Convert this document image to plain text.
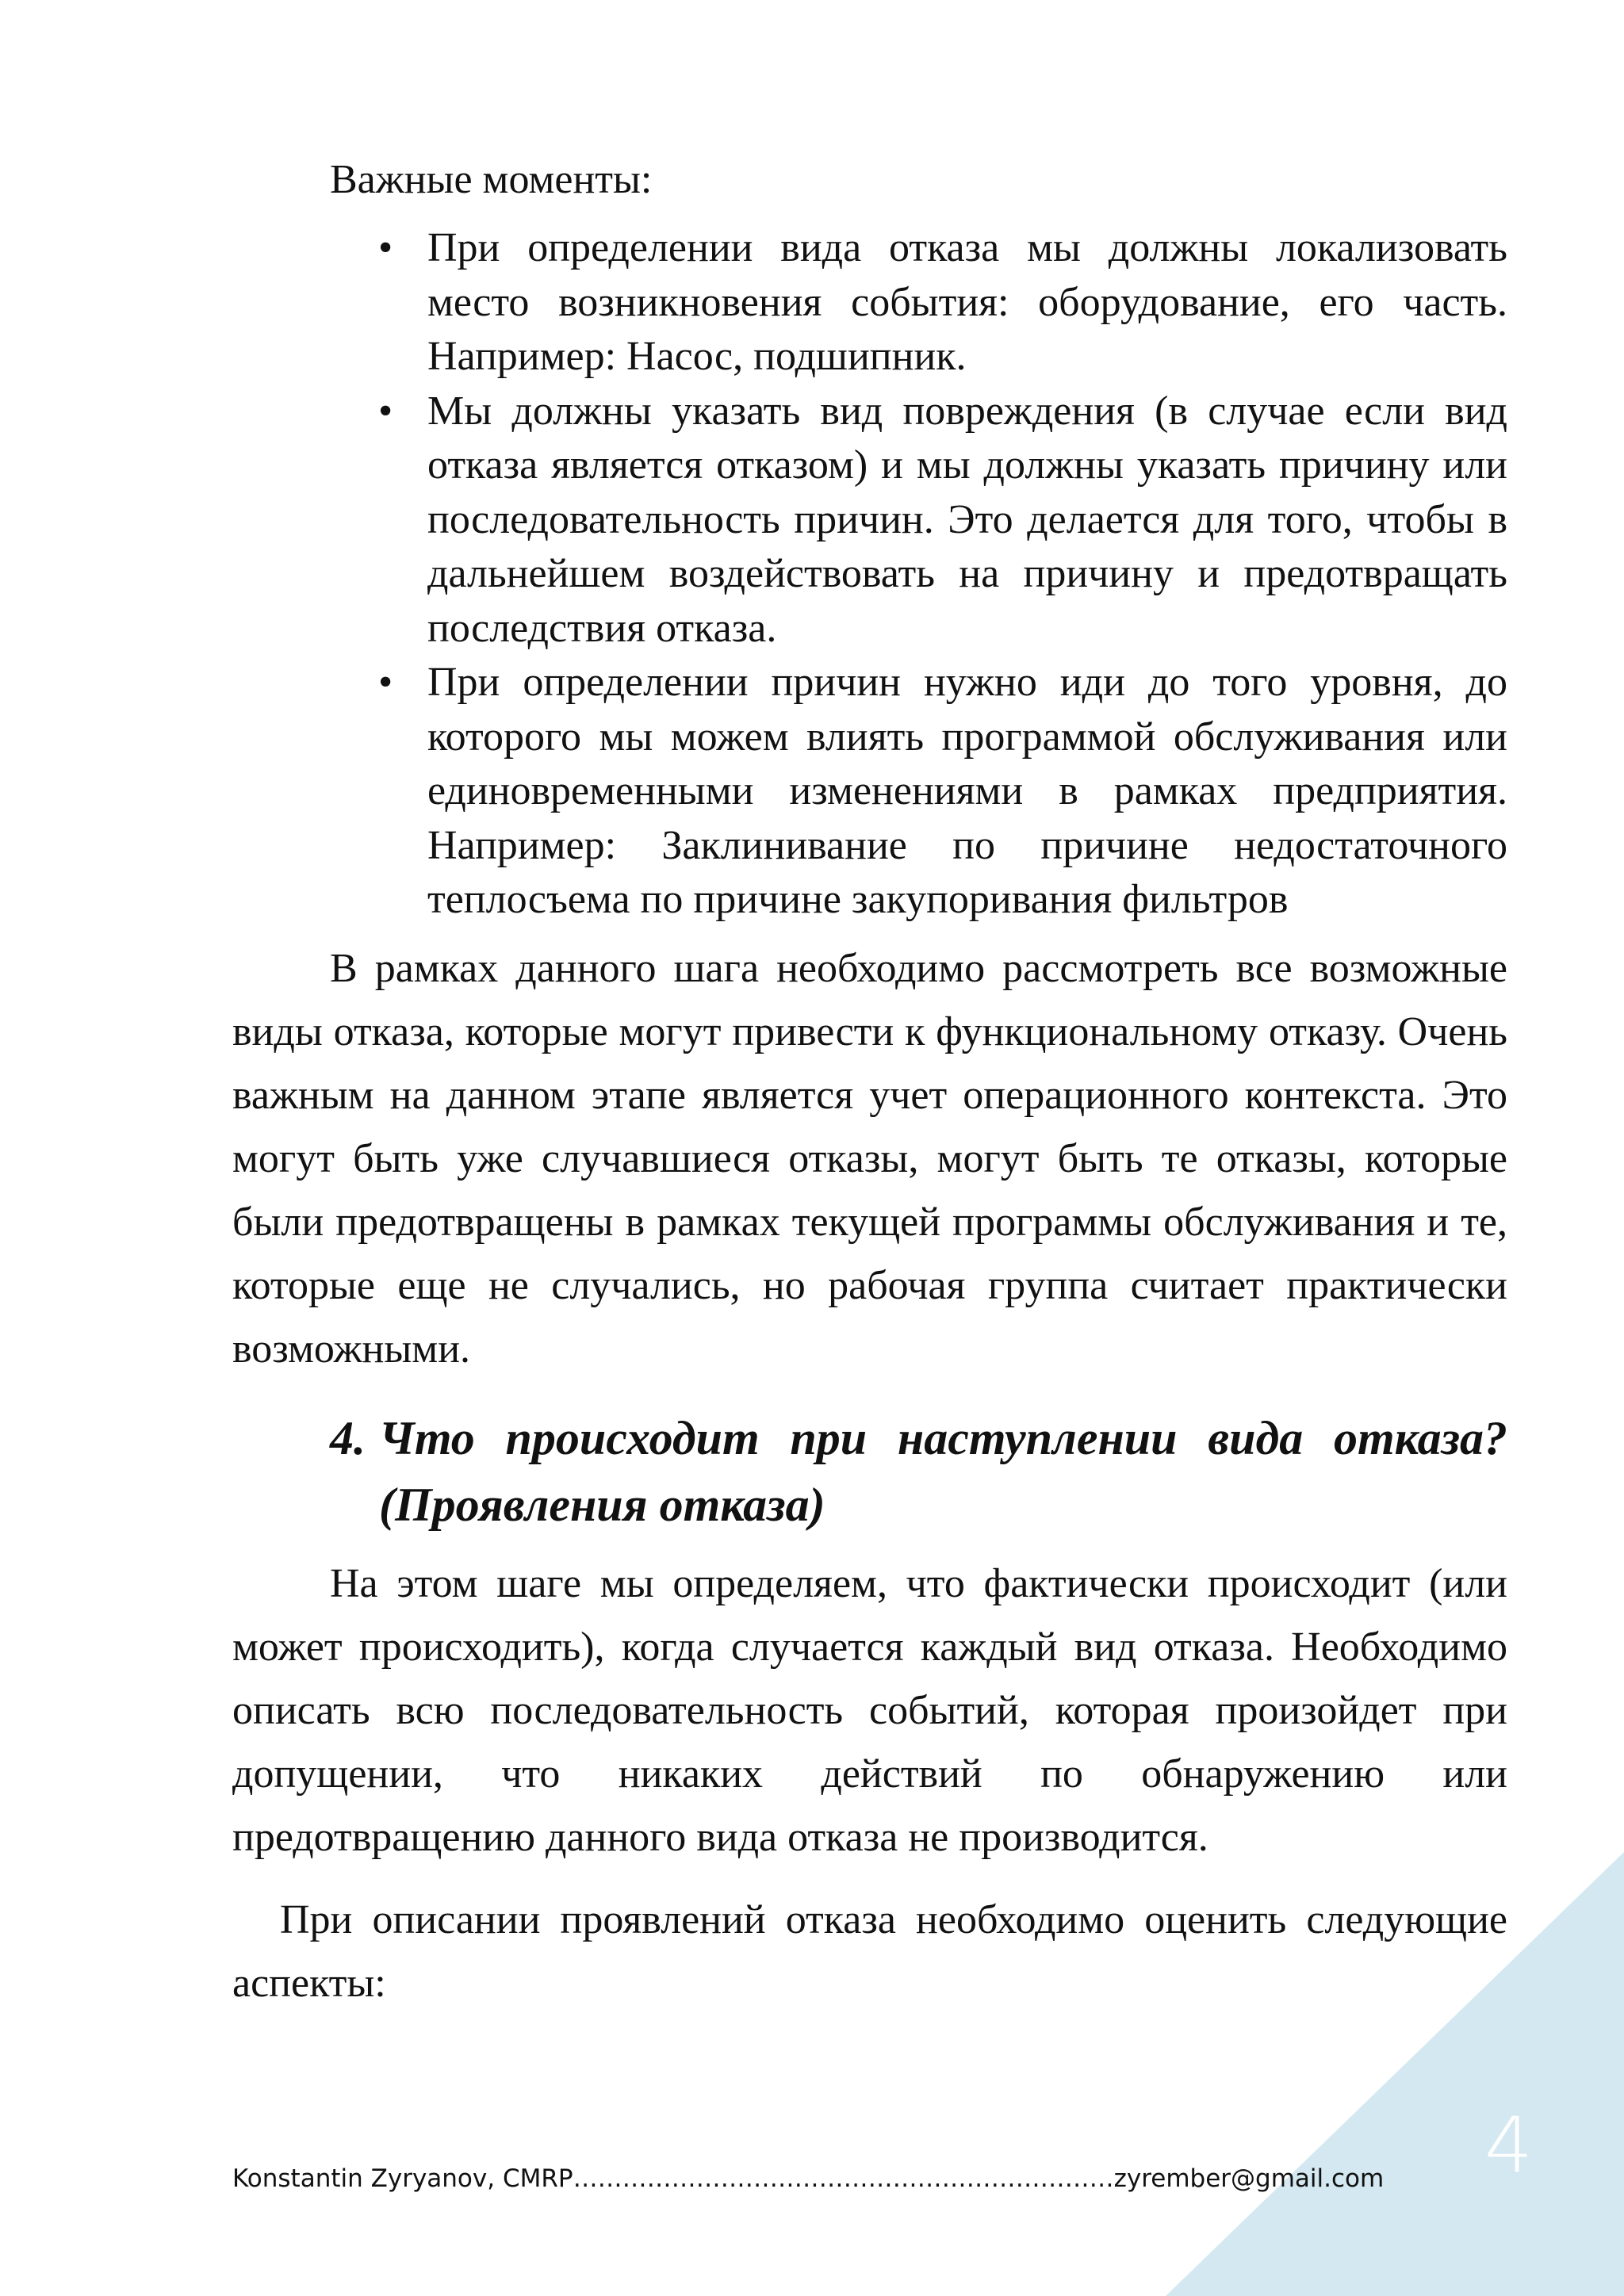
Важные моменты:

• При определении вида отказа мы должны локализовать место возникновения события: оборудование, его часть. Например: Насос, подшипник.
• Мы должны указать вид повреждения (в случае если вид отказа является отказом) и мы должны указать причину или последовательность причин. Это делается для того, чтобы в дальнейшем воздействовать на причину и предотвращать последствия отказа.
• При определении причин нужно иди до того уровня, до которого мы можем влиять программой обслуживания или единовременными изменениями в рамках предприятия. Например: Заклинивание по причине недостаточного теплосъема по причине закупоривания фильтров

В рамках данного шага необходимо рассмотреть все возможные виды отказа, которые могут привести к функциональному отказу. Очень важным на данном этапе является учет операционного контекста. Это могут быть уже случавшиеся отказы, могут быть те отказы, которые были предотвращены в рамках текущей программы обслуживания и те, которые еще не случались, но рабочая группа считает практически возможными.

4. Что происходит при наступлении вида отказа? (Проявления отказа)

На этом шаге мы определяем, что фактически происходит (или может происходить), когда случается каждый вид отказа. Необходимо описать всю последовательность событий, которая произойдет при допущении, что никаких действий по обнаружению или предотвращению данного вида отказа не производится.

При описании проявлений отказа необходимо оценить следующие аспекты:

Konstantin Zyryanov, CMRP…………………………………………………………zyrember@gmail.com 4
